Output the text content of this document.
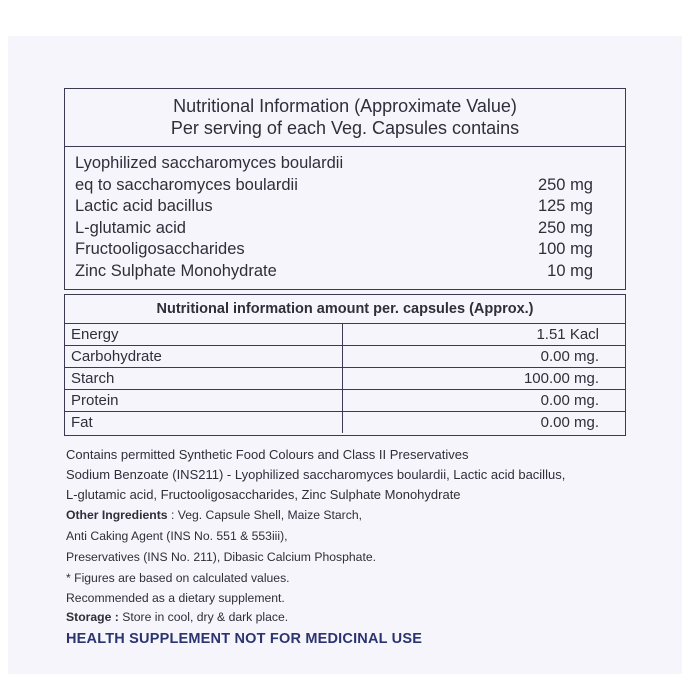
Nutritional Information (Approximate Value)
Per serving of each Veg. Capsules contains
Lyophilized saccharomyces boulardii
eq to saccharomyces boulardii	250 mg
Lactic acid bacillus	125 mg
L-glutamic acid	250 mg
Fructooligosaccharides	100 mg
Zinc Sulphate Monohydrate	10 mg
Nutritional information amount per. capsules (Approx.)
Energy	1.51 Kacl
Carbohydrate	0.00 mg.
Starch	100.00 mg.
Protein	0.00 mg.
Fat	0.00 mg.
Contains permitted Synthetic Food Colours and Class II Preservatives
Sodium Benzoate (INS211) - Lyophilized saccharomyces boulardii, Lactic acid bacillus,
L-glutamic acid, Fructooligosaccharides, Zinc Sulphate Monohydrate
Other Ingredients : Veg. Capsule Shell, Maize Starch,
Anti Caking Agent (INS No. 551 & 553iii),
Preservatives (INS No. 211), Dibasic Calcium Phosphate.
* Figures are based on calculated values.
Recommended as a dietary supplement.
Storage : Store in cool, dry & dark place.
HEALTH SUPPLEMENT NOT FOR MEDICINAL USE
